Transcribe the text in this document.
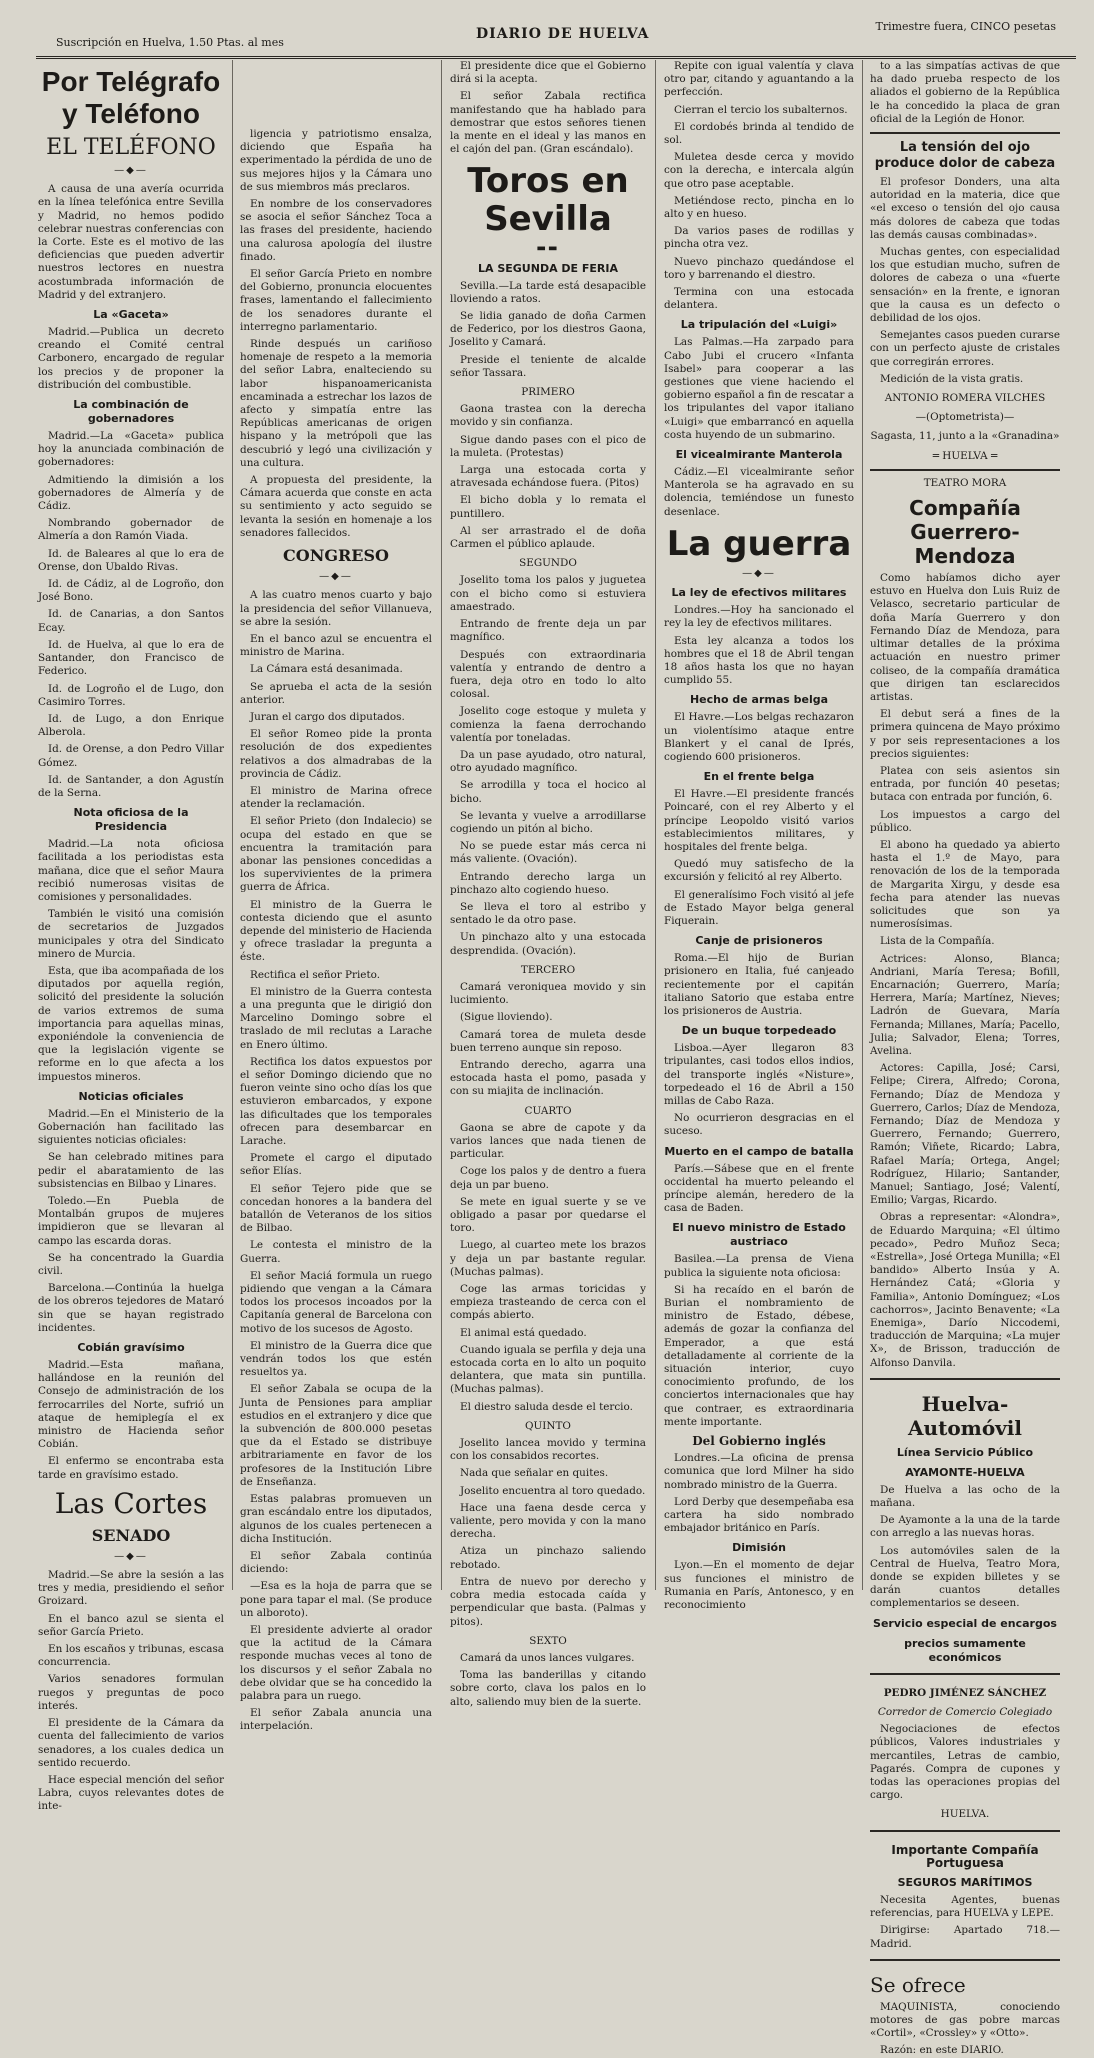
Suscripción en Huelva, 1.50 Ptas. al mes
DIARIO DE HUELVA	Trimestre fuera, CINCO pesetas
Por Telégrafo y Teléfono
EL TELÉFONO
—◆—

A causa de una avería ocurrida en la línea telefónica entre Sevilla y Madrid, no hemos podido celebrar nuestras conferencias con la Corte. Este es el motivo de las deficiencias que pueden advertir nuestros lectores en nuestra acostumbrada información de Madrid y del extranjero.

La «Gaceta»

Madrid.—Publica un decreto creando el Comité central Carbonero, encargado de regular los precios y de proponer la distribución del combustible.

La combinación de gobernadores

Madrid.—La «Gaceta» publica hoy la anunciada combinación de gobernadores:

Admitiendo la dimisión a los gobernadores de Almería y de Cádiz.

Nombrando gobernador de Almería a don Ramón Viada.

Id. de Baleares al que lo era de Orense, don Ubaldo Rivas.

Id. de Cádiz, al de Logroño, don José Bono.

Id. de Canarias, a don Santos Ecay.

Id. de Huelva, al que lo era de Santander, don Francisco de Federico.

Id. de Logroño el de Lugo, don Casimiro Torres.

Id. de Lugo, a don Enrique Alberola.

Id. de Orense, a don Pedro Villar Gómez.

Id. de Santander, a don Agustín de la Serna.

Nota oficiosa de la Presidencia

Madrid.—La nota oficiosa facilitada a los periodistas esta mañana, dice que el señor Maura recibió numerosas visitas de comisiones y personalidades.

También le visitó una comisión de secretarios de Juzgados municipales y otra del Sindicato minero de Murcia.

Esta, que iba acompañada de los diputados por aquella región, solicitó del presidente la solución de varios extremos de suma importancia para aquellas minas, exponiéndole la conveniencia de que la legislación vigente se reforme en lo que afecta a los impuestos mineros.

Noticias oficiales

Madrid.—En el Ministerio de la Gobernación han facilitado las siguientes noticias oficiales:

Se han celebrado mitines para pedir el abaratamiento de las subsistencias en Bilbao y Linares.

Toledo.—En Puebla de Montalbán grupos de mujeres impidieron que se llevaran al campo las escarda doras.

Se ha concentrado la Guardia civil.

Barcelona.—Continúa la huelga de los obreros tejedores de Mataró sin que se hayan registrado incidentes.

Cobián gravísimo

Madrid.—Esta mañana, hallándose en la reunión del Consejo de administración de los ferrocarriles del Norte, sufrió un ataque de hemiplegía el ex ministro de Hacienda señor Cobián.

El enfermo se encontraba esta tarde en gravísimo estado.

Las Cortes
SENADO
—◆—

Madrid.—Se abre la sesión a las tres y media, presidiendo el señor Groizard.

En el banco azul se sienta el señor García Prieto.

En los escaños y tribunas, escasa concurrencia.

Varios senadores formulan ruegos y preguntas de poco interés.

El presidente de la Cámara da cuenta del fallecimiento de varios senadores, a los cuales dedica un sentido recuerdo.

Hace especial mención del señor Labra, cuyos relevantes dotes de inte-

ligencia y patriotismo ensalza, diciendo que España ha experimentado la pérdida de uno de sus mejores hijos y la Cámara uno de sus miembros más preclaros.

En nombre de los conservadores se asocia el señor Sánchez Toca a las frases del presidente, haciendo una calurosa apología del ilustre finado.

El señor García Prieto en nombre del Gobierno, pronuncia elocuentes frases, lamentando el fallecimiento de los senadores durante el interregno parlamentario.

Rinde después un cariñoso homenaje de respeto a la memoria del señor Labra, enalteciendo su labor hispanoamericanista encaminada a estrechar los lazos de afecto y simpatía entre las Repúblicas americanas de origen hispano y la metrópoli que las descubrió y legó una civilización y una cultura.

A propuesta del presidente, la Cámara acuerda que conste en acta su sentimiento y acto seguido se levanta la sesión en homenaje a los senadores fallecidos.

CONGRESO
—◆—

A las cuatro menos cuarto y bajo la presidencia del señor Villanueva, se abre la sesión.

En el banco azul se encuentra el ministro de Marina.

La Cámara está desanimada.

Se aprueba el acta de la sesión anterior.

Juran el cargo dos diputados.

El señor Romeo pide la pronta resolución de dos expedientes relativos a dos almadrabas de la provincia de Cádiz.

El ministro de Marina ofrece atender la reclamación.

El señor Prieto (don Indalecio) se ocupa del estado en que se encuentra la tramitación para abonar las pensiones concedidas a los supervivientes de la primera guerra de África.

El ministro de la Guerra le contesta diciendo que el asunto depende del ministerio de Hacienda y ofrece trasladar la pregunta a éste.

Rectifica el señor Prieto.

El ministro de la Guerra contesta a una pregunta que le dirigió don Marcelino Domingo sobre el traslado de mil reclutas a Larache en Enero último.

Rectifica los datos expuestos por el señor Domingo diciendo que no fueron veinte sino ocho días los que estuvieron embarcados, y expone las dificultades que los temporales ofrecen para desembarcar en Larache.

Promete el cargo el diputado señor Elías.

El señor Tejero pide que se concedan honores a la bandera del batallón de Veteranos de los sitios de Bilbao.

Le contesta el ministro de la Guerra.

El señor Maciá formula un ruego pidiendo que vengan a la Cámara todos los procesos incoados por la Capitanía general de Barcelona con motivo de los sucesos de Agosto.

El ministro de la Guerra dice que vendrán todos los que estén resueltos ya.

El señor Zabala se ocupa de la Junta de Pensiones para ampliar estudios en el extranjero y dice que la subvención de 800.000 pesetas que da el Estado se distribuye arbitrariamente en favor de los profesores de la Institución Libre de Enseñanza.

Estas palabras promueven un gran escándalo entre los diputados, algunos de los cuales pertenecen a dicha Institución.

El señor Zabala continúa diciendo:

—Esa es la hoja de parra que se pone para tapar el mal. (Se produce un alboroto).

El presidente advierte al orador que la actitud de la Cámara responde muchas veces al tono de los discursos y el señor Zabala no debe olvidar que se ha concedido la palabra para un ruego.

El señor Zabala anuncia una interpelación.

El presidente dice que el Gobierno dirá si la acepta.

El señor Zabala rectifica manifestando que ha hablado para demostrar que estos señores tienen la mente en el ideal y las manos en el cajón del pan. (Gran escándalo).

Toros en Sevilla
▬▬
LA SEGUNDA DE FERIA

Sevilla.—La tarde está desapacible lloviendo a ratos.

Se lidia ganado de doña Carmen de Federico, por los diestros Gaona, Joselito y Camará.

Preside el teniente de alcalde señor Tassara.

PRIMERO

Gaona trastea con la derecha movido y sin confianza.

Sigue dando pases con el pico de la muleta. (Protestas)

Larga una estocada corta y atravesada echándose fuera. (Pitos)

El bicho dobla y lo remata el puntillero.

Al ser arrastrado el de doña Carmen el público aplaude.

SEGUNDO

Joselito toma los palos y juguetea con el bicho como si estuviera amaestrado.

Entrando de frente deja un par magnífico.

Después con extraordinaria valentía y entrando de dentro a fuera, deja otro en todo lo alto colosal.

Joselito coge estoque y muleta y comienza la faena derrochando valentía por toneladas.

Da un pase ayudado, otro natural, otro ayudado magnífico.

Se arrodilla y toca el hocico al bicho.

Se levanta y vuelve a arrodillarse cogiendo un pitón al bicho.

No se puede estar más cerca ni más valiente. (Ovación).

Entrando derecho larga un pinchazo alto cogiendo hueso.

Se lleva el toro al estribo y sentado le da otro pase.

Un pinchazo alto y una estocada desprendida. (Ovación).

TERCERO

Camará veroniquea movido y sin lucimiento.

(Sigue lloviendo).

Camará torea de muleta desde buen terreno aunque sin reposo.

Entrando derecho, agarra una estocada hasta el pomo, pasada y con su miajita de inclinación.

CUARTO

Gaona se abre de capote y da varios lances que nada tienen de particular.

Coge los palos y de dentro a fuera deja un par bueno.

Se mete en igual suerte y se ve obligado a pasar por quedarse el toro.

Luego, al cuarteo mete los brazos y deja un par bastante regular. (Muchas palmas).

Coge las armas toricidas y empieza trasteando de cerca con el compás abierto.

El animal está quedado.

Cuando iguala se perfila y deja una estocada corta en lo alto un poquito delantera, que mata sin puntilla. (Muchas palmas).

El diestro saluda desde el tercio.

QUINTO

Joselito lancea movido y termina con los consabidos recortes.

Nada que señalar en quites.

Joselito encuentra al toro quedado.

Hace una faena desde cerca y valiente, pero movida y con la mano derecha.

Atiza un pinchazo saliendo rebotado.

Entra de nuevo por derecho y cobra media estocada caída y perpendicular que basta. (Palmas y pitos).

SEXTO

Camará da unos lances vulgares.

Toma las banderillas y citando sobre corto, clava los palos en lo alto, saliendo muy bien de la suerte.

Repite con igual valentía y clava otro par, citando y aguantando a la perfección.

Cierran el tercio los subalternos.

El cordobés brinda al tendido de sol.

Muletea desde cerca y movido con la derecha, e intercala algún que otro pase aceptable.

Metiéndose recto, pincha en lo alto y en hueso.

Da varios pases de rodillas y pincha otra vez.

Nuevo pinchazo quedándose el toro y barrenando el diestro.

Termina con una estocada delantera.

La tripulación del «Luigi»

Las Palmas.—Ha zarpado para Cabo Jubi el crucero «Infanta Isabel» para cooperar a las gestiones que viene haciendo el gobierno español a fin de rescatar a los tripulantes del vapor italiano «Luigi» que embarrancó en aquella costa huyendo de un submarino.

El vicealmirante Manterola

Cádiz.—El vicealmirante señor Manterola se ha agravado en su dolencia, temiéndose un funesto desenlace.

La guerra
—◆—
La ley de efectivos militares

Londres.—Hoy ha sancionado el rey la ley de efectivos militares.

Esta ley alcanza a todos los hombres que el 18 de Abril tengan 18 años hasta los que no hayan cumplido 55.

Hecho de armas belga

El Havre.—Los belgas rechazaron un violentísimo ataque entre Blankert y el canal de Iprés, cogiendo 600 prisioneros.

En el frente belga

El Havre.—El presidente francés Poincaré, con el rey Alberto y el príncipe Leopoldo visitó varios establecimientos militares, y hospitales del frente belga.

Quedó muy satisfecho de la excursión y felicitó al rey Alberto.

El generalísimo Foch visitó al jefe de Estado Mayor belga general Fiquerain.

Canje de prisioneros

Roma.—El hijo de Burian prisionero en Italia, fué canjeado recientemente por el capitán italiano Satorio que estaba entre los prisioneros de Austria.

De un buque torpedeado

Lisboa.—Ayer llegaron 83 tripulantes, casi todos ellos indios, del transporte inglés «Nisture», torpedeado el 16 de Abril a 150 millas de Cabo Raza.

No ocurrieron desgracias en el suceso.

Muerto en el campo de batalla

París.—Sábese que en el frente occidental ha muerto peleando el príncipe alemán, heredero de la casa de Baden.

El nuevo ministro de Estado austriaco

Basilea.—La prensa de Viena publica la siguiente nota oficiosa:

Si ha recaído en el barón de Burian el nombramiento de ministro de Estado, débese, además de gozar la confianza del Emperador, a que está detalladamente al corriente de la situación interior, cuyo conocimiento profundo, de los conciertos internacionales que hay que contraer, es extraordinaria mente importante.

Del Gobierno inglés

Londres.—La oficina de prensa comunica que lord Milner ha sido nombrado ministro de la Guerra.

Lord Derby que desempeñaba esa cartera ha sido nombrado embajador británico en París.

Dimisión

Lyon.—En el momento de dejar sus funciones el ministro de Rumania en París, Antonesco, y en reconocimiento

to a las simpatías activas de que ha dado prueba respecto de los aliados el gobierno de la República le ha concedido la placa de gran oficial de la Legión de Honor.

La tensión del ojo produce dolor de cabeza

El profesor Donders, una alta autoridad en la materia, dice que «el exceso o tensión del ojo causa más dolores de cabeza que todas las demás causas combinadas».

Muchas gentes, con especialidad los que estudian mucho, sufren de dolores de cabeza o una «fuerte sensación» en la frente, e ignoran que la causa es un defecto o debilidad de los ojos.

Semejantes casos pueden curarse con un perfecto ajuste de cristales que corregirán errores.

Medición de la vista gratis.

ANTONIO ROMERA VILCHES
—(Optometrista)—
Sagasta, 11, junto a la «Granadina»
═ HUELVA ═
TEATRO MORA
Compañía Guerrero-Mendoza

Como habíamos dicho ayer estuvo en Huelva don Luis Ruiz de Velasco, secretario particular de doña María Guerrero y don Fernando Díaz de Mendoza, para ultimar detalles de la próxima actuación en nuestro primer coliseo, de la compañía dramática que dirigen tan esclarecidos artistas.

El debut será a fines de la primera quincena de Mayo próximo y por seis representaciones a los precios siguientes:

Platea con seis asientos sin entrada, por función 40 pesetas; butaca con entrada por función, 6.

Los impuestos a cargo del público.

El abono ha quedado ya abierto hasta el 1.º de Mayo, para renovación de los de la temporada de Margarita Xirgu, y desde esa fecha para atender las nuevas solicitudes que son ya numerosísimas.

Lista de la Compañía.

Actrices: Alonso, Blanca; Andriani, María Teresa; Bofill, Encarnación; Guerrero, María; Herrera, María; Martínez, Nieves; Ladrón de Guevara, María Fernanda; Millanes, María; Pacello, Julia; Salvador, Elena; Torres, Avelina.

Actores: Capilla, José; Carsi, Felipe; Cirera, Alfredo; Corona, Fernando; Díaz de Mendoza y Guerrero, Carlos; Díaz de Mendoza, Fernando; Díaz de Mendoza y Guerrero, Fernando; Guerrero, Ramón; Viñete, Ricardo; Labra, Rafael María; Ortega, Angel; Rodríguez, Hilario; Santander, Manuel; Santiago, José; Valentí, Emilio; Vargas, Ricardo.

Obras a representar: «Alondra», de Eduardo Marquina; «El último pecado», Pedro Muñoz Seca; «Estrella», José Ortega Munilla; «El bandido» Alberto Insúa y A. Hernández Catá; «Gloria y Familia», Antonio Domínguez; «Los cachorros», Jacinto Benavente; «La Enemiga», Darío Niccodemi, traducción de Marquina; «La mujer X», de Brisson, traducción de Alfonso Danvila.

Huelva-Automóvil
Línea Servicio Público
AYAMONTE-HUELVA

De Huelva a las ocho de la mañana.

De Ayamonte a la una de la tarde con arreglo a las nuevas horas.

Los automóviles salen de la Central de Huelva, Teatro Mora, donde se expiden billetes y se darán cuantos detalles complementarios se deseen.

Servicio especial de encargos
precios sumamente económicos
PEDRO JIMÉNEZ SÁNCHEZ
Corredor de Comercio Colegiado

Negociaciones de efectos públicos, Valores industriales y mercantiles, Letras de cambio, Pagarés. Compra de cupones y todas las operaciones propias del cargo.

HUELVA.
Importante Compañía Portuguesa
SEGUROS MARÍTIMOS

Necesita Agentes, buenas referencias, para HUELVA y LEPE.

Dirigirse: Apartado 718.—Madrid.

Se ofrece

MAQUINISTA, conociendo motores de gas pobre marcas «Cortil», «Crossley» y «Otto».

Razón: en este DIARIO.
